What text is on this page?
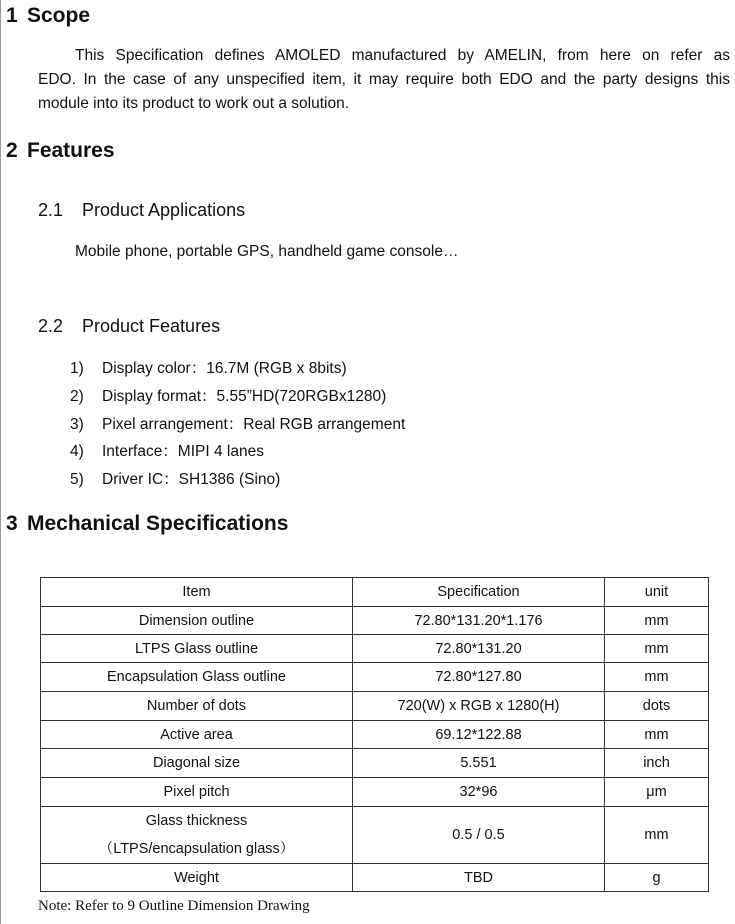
1 Scope
This Specification defines AMOLED manufactured by AMELIN, from here on refer as
EDO. In the case of any unspecified item, it may require both EDO and the party designs this
module into its product to work out a solution.
2 Features
2.1 Product Applications
Mobile phone, portable GPS, handheld game console…
2.2 Product Features
1) Display color：16.7M (RGB x 8bits)
2) Display format：5.55”HD(720RGBx1280)
3) Pixel arrangement：Real RGB arrangement
4) Interface：MIPI 4 lanes
5) Driver IC：SH1386 (Sino)
3 Mechanical Specifications
Item	Specification	unit
Dimension outline	72.80*131.20*1.176	mm
LTPS Glass outline	72.80*131.20	mm
Encapsulation Glass outline	72.80*127.80	mm
Number of dots	720(W) x RGB x 1280(H)	dots
Active area	69.12*122.88	mm
Diagonal size	5.551	inch
Pixel pitch	32*96	μm

Glass thickness
（LTPS/encapsulation glass）	0.5 / 0.5	mm
Weight	TBD	g
Note: Refer to 9 Outline Dimension Drawing
